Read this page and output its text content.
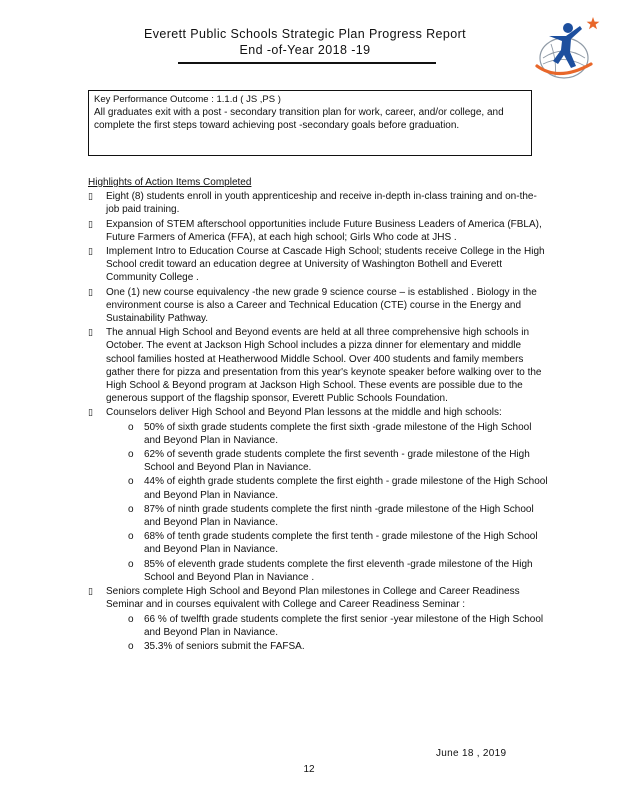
Everett Public Schools Strategic Plan Progress Report
End -of-Year 2018 -19
Key Performance Outcome : 1.1.d ( JS ,PS )
All graduates exit with a post - secondary transition plan for work, career, and/or college, and complete the first steps toward achieving post -secondary goals before graduation.
Highlights of Action Items Completed
▯ Eight (8) students enroll in youth apprenticeship and receive in-depth in-class training and on-the-job paid training.
▯ Expansion of STEM afterschool opportunities include Future Business Leaders of America (FBLA), Future Farmers of America (FFA), at each high school; Girls Who code at JHS .
▯ Implement Intro to Education Course at Cascade High School; students receive College in the High School credit toward an education degree at University of Washington Bothell and Everett Community College .
▯ One (1) new course equivalency -the new grade 9 science course – is established . Biology in the environment course is also a Career and Technical Education (CTE) course in the Energy and Sustainability Pathway.
▯ The annual High School and Beyond events are held at all three comprehensive high schools in October. The event at Jackson High School includes a pizza dinner for elementary and middle school families hosted at Heatherwood Middle School. Over 400 students and family members gather there for pizza and presentation from this year's keynote speaker before walking over to the High School & Beyond program at Jackson High School. These events are possible due to the generous support of the flagship sponsor, Everett Public Schools Foundation.
▯ Counselors deliver High School and Beyond Plan lessons at the middle and high schools:
o 50% of sixth grade students complete the first sixth -grade milestone of the High School and Beyond Plan in Naviance.
o 62% of seventh grade students complete the first seventh - grade milestone of the High School and Beyond Plan in Naviance.
o 44% of eighth grade students complete the first eighth - grade milestone of the High School and Beyond Plan in Naviance.
o 87% of ninth grade students complete the first ninth -grade milestone of the High School and Beyond Plan in Naviance.
o 68% of tenth grade students complete the first tenth - grade milestone of the High School and Beyond Plan in Naviance.
o 85% of eleventh grade students complete the first eleventh -grade milestone of the High School and Beyond Plan in Naviance .
▯ Seniors complete High School and Beyond Plan milestones in College and Career Readiness Seminar and in courses equivalent with College and Career Readiness Seminar :
o 66 % of twelfth grade students complete the first senior -year milestone of the High School and Beyond Plan in Naviance.
o 35.3% of seniors submit the FAFSA.
June 18 , 2019
12
